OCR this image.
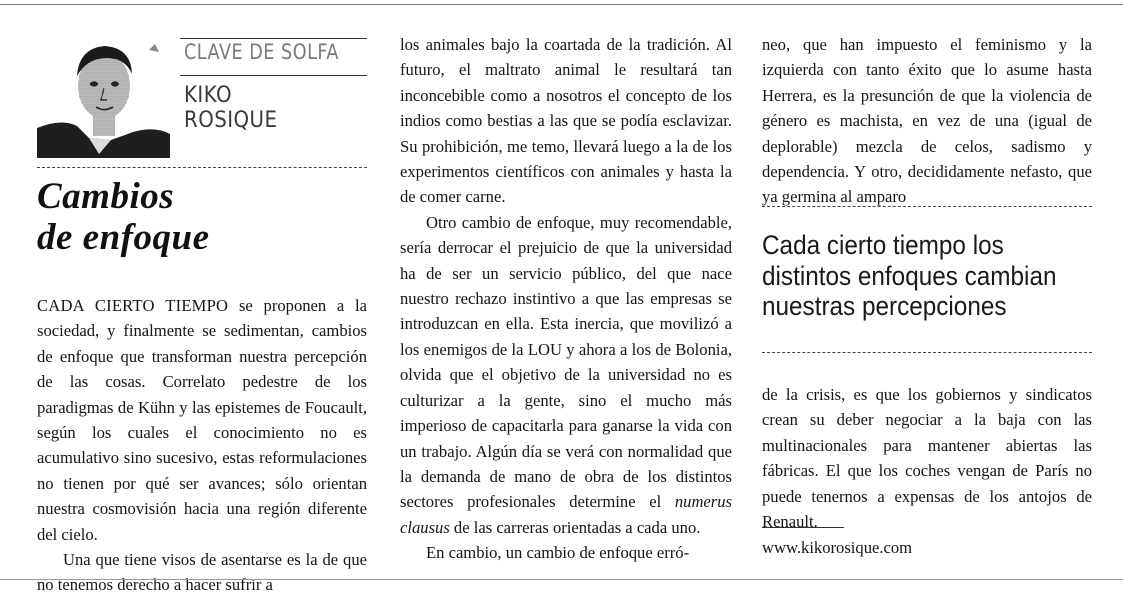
CLAVE DE SOLFA
KIKO
ROSIQUE
Cambios
de enfoque

CADA CIERTO TIEMPO se proponen a la sociedad, y finalmente se sedimentan, cambios de enfoque que transforman nuestra percepción de las cosas. Correlato pedestre de los paradigmas de Kühn y las epistemes de Foucault, según los cuales el conocimiento no es acumulativo sino sucesivo, estas reformulaciones no tienen por qué ser avances; sólo orientan nuestra cosmovisión hacia una región diferente del cielo.

Una que tiene visos de asentarse es la de que no tenemos derecho a hacer sufrir a

los animales bajo la coartada de la tradición. Al futuro, el maltrato animal le resultará tan inconcebible como a nosotros el concepto de los indios como bestias a las que se podía esclavizar. Su prohibición, me temo, llevará luego a la de los experimentos científicos con animales y hasta la de comer carne.

Otro cambio de enfoque, muy recomendable, sería derrocar el prejuicio de que la universidad ha de ser un servicio público, del que nace nuestro rechazo instintivo a que las empresas se introduzcan en ella. Esta inercia, que movilizó a los enemigos de la LOU y ahora a los de Bolonia, olvida que el objetivo de la universidad no es culturizar a la gente, sino el mucho más imperioso de capacitarla para ganarse la vida con un trabajo. Algún día se verá con normalidad que la demanda de mano de obra de los distintos sectores profesionales determine el numerus clausus de las carreras orientadas a cada uno.

En cambio, un cambio de enfoque erró-

neo, que han impuesto el feminismo y la izquierda con tanto éxito que lo asume hasta Herrera, es la presunción de que la violencia de género es machista, en vez de una (igual de deplorable) mezcla de celos, sadismo y dependencia. Y otro, decididamente nefasto, que ya germina al amparo

Cada cierto tiempo los
distintos enfoques cambian
nuestras percepciones

de la crisis, es que los gobiernos y sindicatos crean su deber negociar a la baja con las multinacionales para mantener abiertas las fábricas. El que los coches vengan de París no puede tenernos a expensas de los antojos de Renault.

www.kikorosique.com
